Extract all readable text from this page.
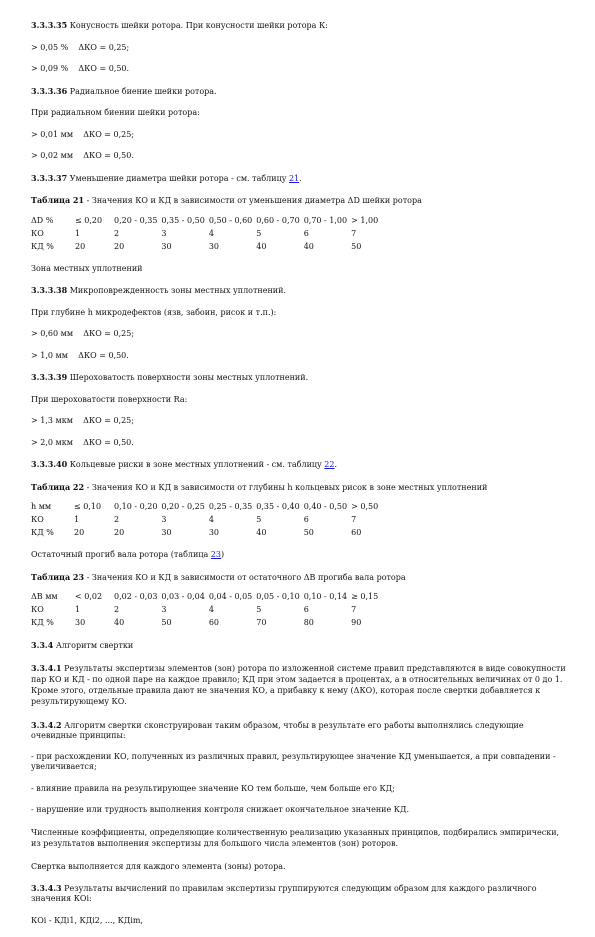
3.3.3.35 Конусность шейки ротора. При конусности шейки ротора К:

> 0,05 % ΔКО = 0,25;

> 0,09 % ΔКО = 0,50.

3.3.3.36 Радиальное биение шейки ротора.

При радиальном биении шейки ротора:

> 0,01 мм ΔКО = 0,25;

> 0,02 мм ΔКО = 0,50.

3.3.3.37 Уменьшение диаметра шейки ротора - см. таблицу 21.

Таблица 21 - Значения КО и КД в зависимости от уменьшения диаметра ΔD шейки ротора

ΔD %	≤ 0,20	0,20 - 0,35	0,35 - 0,50	0,50 - 0,60	0,60 - 0,70	0,70 - 1,00	> 1,00
КО	1	2	3	4	5	6	7
КД %	20	20	30	30	40	40	50

Зона местных уплотнений

3.3.3.38 Микроповрежденность зоны местных уплотнений.

При глубине h микродефектов (язв, забоин, рисок и т.п.):

> 0,60 мм ΔКО = 0,25;

> 1,0 мм ΔКО = 0,50.

3.3.3.39 Шероховатость поверхности зоны местных уплотнений.

При шероховатости поверхности Ra:

> 1,3 мкм ΔКО = 0,25;

> 2,0 мкм ΔКО = 0,50.

3.3.3.40 Кольцевые риски в зоне местных уплотнений - см. таблицу 22.

Таблица 22 - Значения КО и КД в зависимости от глубины h кольцевых рисок в зоне местных уплотнений

h мм	≤ 0,10	0,10 - 0,20	0,20 - 0,25	0,25 - 0,35	0,35 - 0,40	0,40 - 0,50	> 0,50
КО	1	2	3	4	5	6	7
КД %	20	20	30	30	40	50	60

Остаточный прогиб вала ротора (таблица 23)

Таблица 23 - Значения КО и КД в зависимости от остаточного ΔВ прогиба вала ротора

ΔВ мм	< 0,02	0,02 - 0,03	0,03 - 0,04	0,04 - 0,05	0,05 - 0,10	0,10 - 0,14	≥ 0,15
КО	1	2	3	4	5	6	7
КД %	30	40	50	60	70	80	90

3.3.4 Алгоритм свертки

3.3.4.1 Результаты экспертизы элементов (зон) ротора по изложенной системе правил представляются в виде совокупности пар КО и КД - по одной паре на каждое правило; КД при этом задается в процентах, а в относительных величинах от 0 до 1. Кроме этого, отдельные правила дают не значения КО, а прибавку к нему (ΔКО), которая после свертки добавляется к результирующему КО.

3.3.4.2 Алгоритм свертки сконструирован таким образом, чтобы в результате его работы выполнялись следующие очевидные принципы:

- при расхождении КО, полученных из различных правил, результирующее значение КД уменьшается, а при совпадении - увеличивается;

- влияние правила на результирующее значение КО тем больше, чем больше его КД;

- нарушение или трудность выполнения контроля снижает окончательное значение КД.

Численные коэффициенты, определяющие количественную реализацию указанных принципов, подбирались эмпирически, из результатов выполнения экспертизы для большого числа элементов (зон) роторов.

Свертка выполняется для каждого элемента (зоны) ротора.

3.3.4.3 Результаты вычислений по правилам экспертизы группируются следующим образом для каждого различного значения КОі:

КОі - КДі1, КДі2, ..., КДіm,
